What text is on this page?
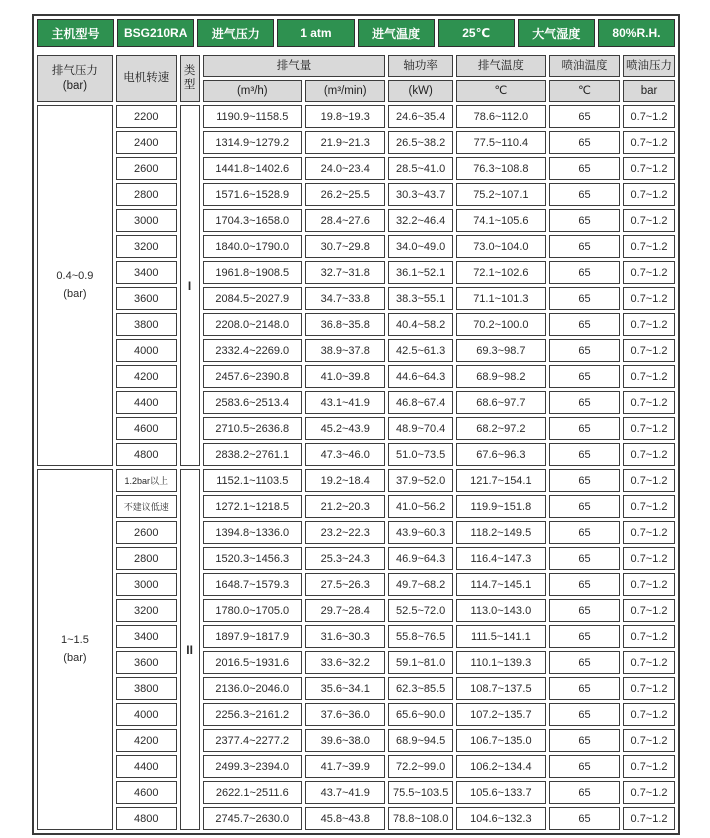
主机型号	BSG210RA	进气压力	1 atm	进气温度	25℃	大气湿度	80%R.H.
排气压力
(bar)	电机转速	类型	排气量		轴功率	排气温度	喷油温度	喷油压力
			(m³/h)	(m³/min)	(kW)	℃	℃	bar

0.4~0.9
(bar)	2200	I	1190.9~1158.5	19.8~19.3	24.6~35.4	78.6~112.0	65	0.7~1.2
	2400		1314.9~1279.2	21.9~21.3	26.5~38.2	77.5~110.4	65	0.7~1.2
	2600		1441.8~1402.6	24.0~23.4	28.5~41.0	76.3~108.8	65	0.7~1.2
	2800		1571.6~1528.9	26.2~25.5	30.3~43.7	75.2~107.1	65	0.7~1.2
	3000		1704.3~1658.0	28.4~27.6	32.2~46.4	74.1~105.6	65	0.7~1.2
	3200		1840.0~1790.0	30.7~29.8	34.0~49.0	73.0~104.0	65	0.7~1.2
	3400		1961.8~1908.5	32.7~31.8	36.1~52.1	72.1~102.6	65	0.7~1.2
	3600		2084.5~2027.9	34.7~33.8	38.3~55.1	71.1~101.3	65	0.7~1.2
	3800		2208.0~2148.0	36.8~35.8	40.4~58.2	70.2~100.0	65	0.7~1.2
	4000		2332.4~2269.0	38.9~37.8	42.5~61.3	69.3~98.7	65	0.7~1.2
	4200		2457.6~2390.8	41.0~39.8	44.6~64.3	68.9~98.2	65	0.7~1.2
	4400		2583.6~2513.4	43.1~41.9	46.8~67.4	68.6~97.7	65	0.7~1.2
	4600		2710.5~2636.8	45.2~43.9	48.9~70.4	68.2~97.2	65	0.7~1.2
	4800		2838.2~2761.1	47.3~46.0	51.0~73.5	67.6~96.3	65	0.7~1.2

1~1.5
(bar)	1.2bar以上	II	1152.1~1103.5	19.2~18.4	37.9~52.0	121.7~154.1	65	0.7~1.2
	不建议低速		1272.1~1218.5	21.2~20.3	41.0~56.2	119.9~151.8	65	0.7~1.2
	2600		1394.8~1336.0	23.2~22.3	43.9~60.3	118.2~149.5	65	0.7~1.2
	2800		1520.3~1456.3	25.3~24.3	46.9~64.3	116.4~147.3	65	0.7~1.2
	3000		1648.7~1579.3	27.5~26.3	49.7~68.2	114.7~145.1	65	0.7~1.2
	3200		1780.0~1705.0	29.7~28.4	52.5~72.0	113.0~143.0	65	0.7~1.2
	3400		1897.9~1817.9	31.6~30.3	55.8~76.5	111.5~141.1	65	0.7~1.2
	3600		2016.5~1931.6	33.6~32.2	59.1~81.0	110.1~139.3	65	0.7~1.2
	3800		2136.0~2046.0	35.6~34.1	62.3~85.5	108.7~137.5	65	0.7~1.2
	4000		2256.3~2161.2	37.6~36.0	65.6~90.0	107.2~135.7	65	0.7~1.2
	4200		2377.4~2277.2	39.6~38.0	68.9~94.5	106.7~135.0	65	0.7~1.2
	4400		2499.3~2394.0	41.7~39.9	72.2~99.0	106.2~134.4	65	0.7~1.2
	4600		2622.1~2511.6	43.7~41.9	75.5~103.5	105.6~133.7	65	0.7~1.2
	4800		2745.7~2630.0	45.8~43.8	78.8~108.0	104.6~132.3	65	0.7~1.2
